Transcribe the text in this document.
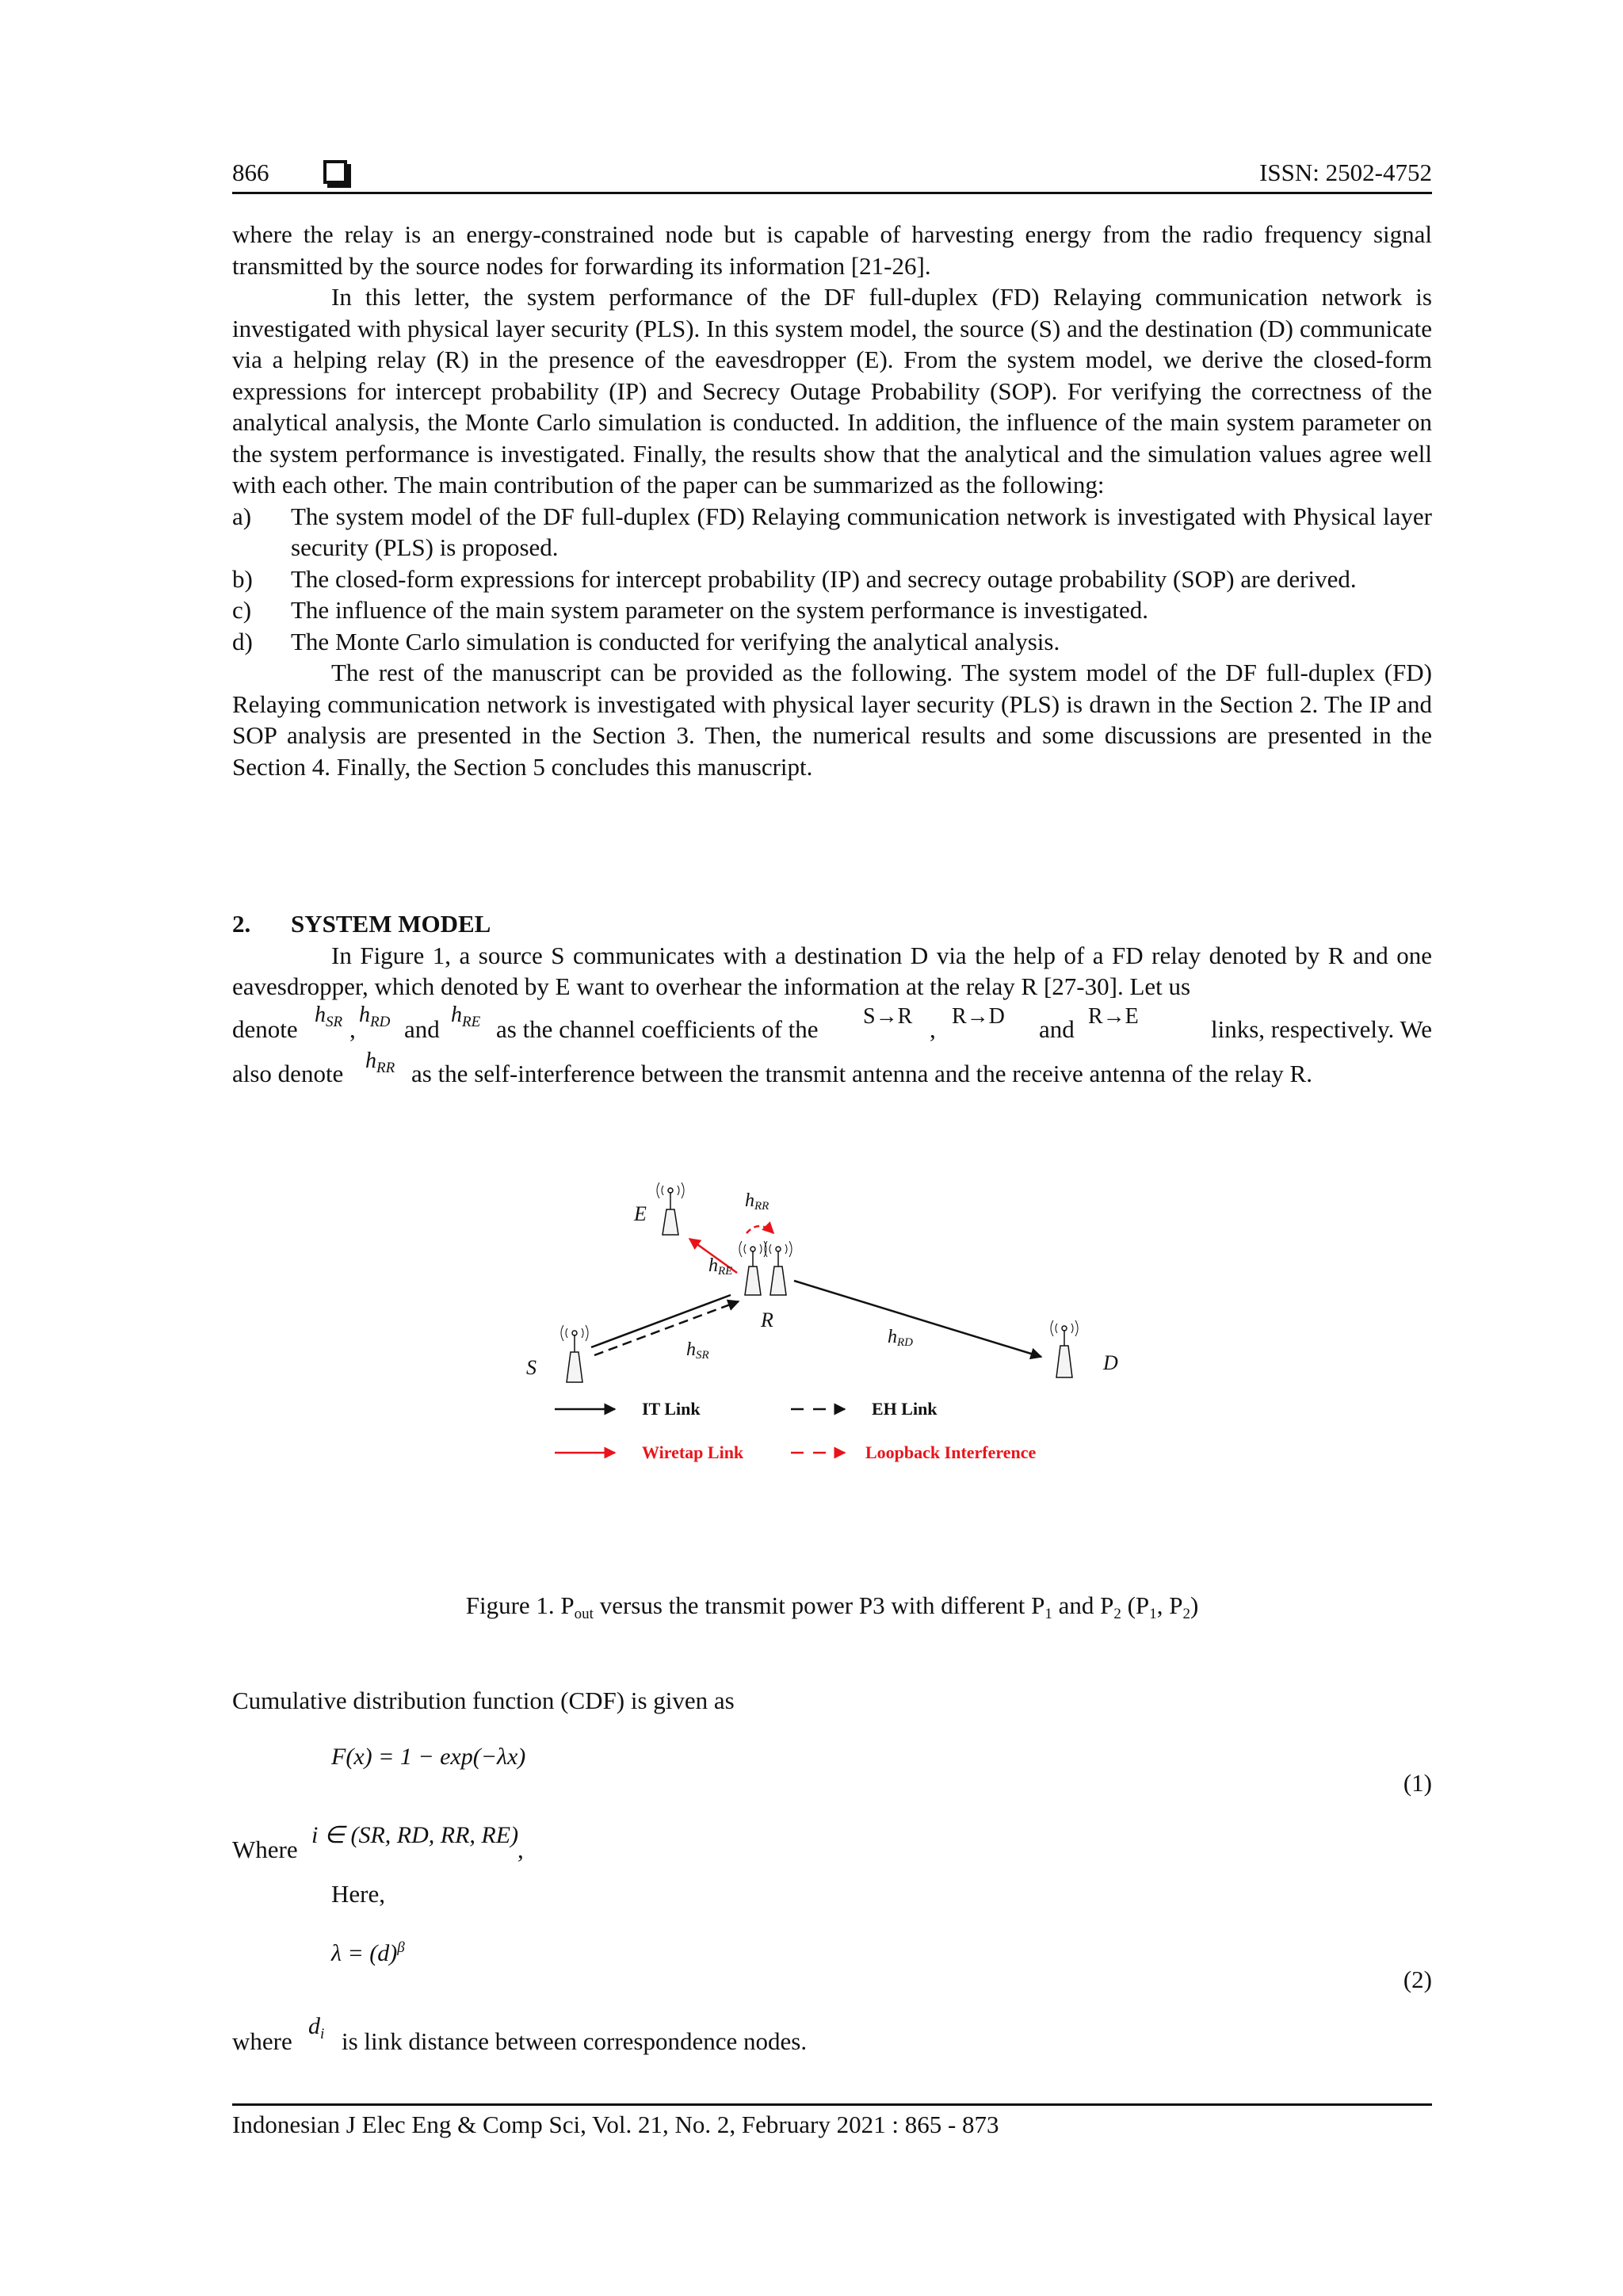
866	ISSN: 2502-4752

where the relay is an energy-constrained node but is capable of harvesting energy from the radio frequency signal transmitted by the source nodes for forwarding its information [21-26].

In this letter, the system performance of the DF full-duplex (FD) Relaying communication network is investigated with physical layer security (PLS). In this system model, the source (S) and the destination (D) communicate via a helping relay (R) in the presence of the eavesdropper (E). From the system model, we derive the closed-form expressions for intercept probability (IP) and Secrecy Outage Probability (SOP). For verifying the correctness of the analytical analysis, the Monte Carlo simulation is conducted. In addition, the influence of the main system parameter on the system performance is investigated. Finally, the results show that the analytical and the simulation values agree well with each other. The main contribution of the paper can be summarized as the following:

a) The system model of the DF full-duplex (FD) Relaying communication network is investigated with Physical layer security (PLS) is proposed.
b) The closed-form expressions for intercept probability (IP) and secrecy outage probability (SOP) are derived.
c) The influence of the main system parameter on the system performance is investigated.
d) The Monte Carlo simulation is conducted for verifying the analytical analysis.

The rest of the manuscript can be provided as the following. The system model of the DF full-duplex (FD) Relaying communication network is investigated with physical layer security (PLS) is drawn in the Section 2. The IP and SOP analysis are presented in the Section 3. Then, the numerical results and some discussions are presented in the Section 4. Finally, the Section 5 concludes this manuscript.

2. SYSTEM MODEL

In Figure 1, a source S communicates with a destination D via the help of a FD relay denoted by R and one eavesdropper, which denoted by E want to overhear the information at the relay R [27-30]. Let us

denote
$h_{SR}$ ,
$h_{RD}$ and
$h_{RE}$ as the channel coefficients of the S→R , R→D and R→E	links, respectively. We
also denote $h_{RR}$ as the self-interference between the transmit antenna and the receive antenna of the relay R.
E
hRR
R
S	D
hRE
hSR
hRD
IT Link	EH Link
Wiretap Link	Loopback Interference
Figure 1. $P_{out}$ versus the transmit power P3 with different $P_1$ and $P_2$ ($P_1$, $P_2$)

Cumulative distribution function (CDF) is given as

F(x) = 1 − exp(−λx)
(1)
Where
i ∈ (SR, RD, RR, RE)
,
Here,
$\lambda = (d)^\beta$
(2)
where
$d_i$ is link distance between correspondence nodes.
Indonesian J Elec Eng & Comp Sci, Vol. 21, No. 2, February 2021 : 865 - 873
